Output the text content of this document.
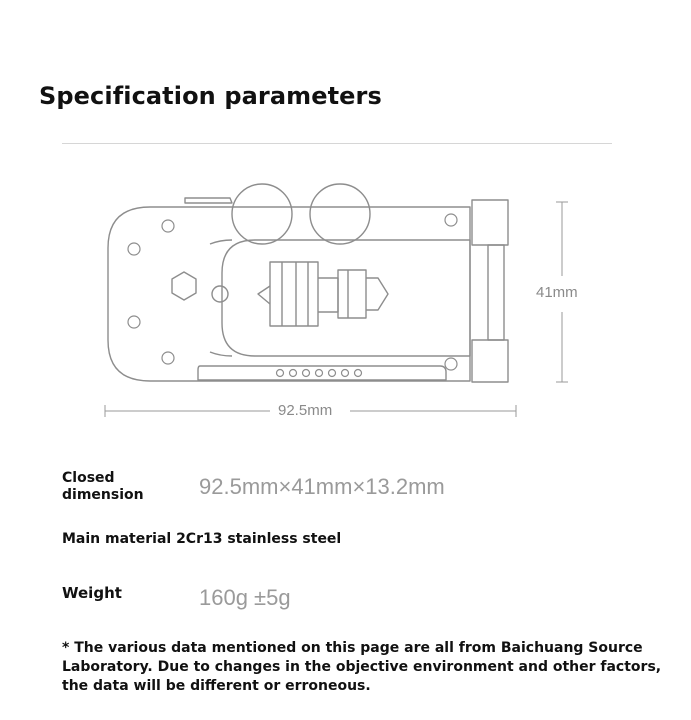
Specification parameters
92.5mm
41mm
Closed dimension	92.5mm×41mm×13.2mm
Main material 2Cr13 stainless steel
Weight	160g ±5g

* The various data mentioned on this page are all from Baichuang Source Laboratory. Due to changes in the objective environment and other factors, the data will be different or erroneous.
